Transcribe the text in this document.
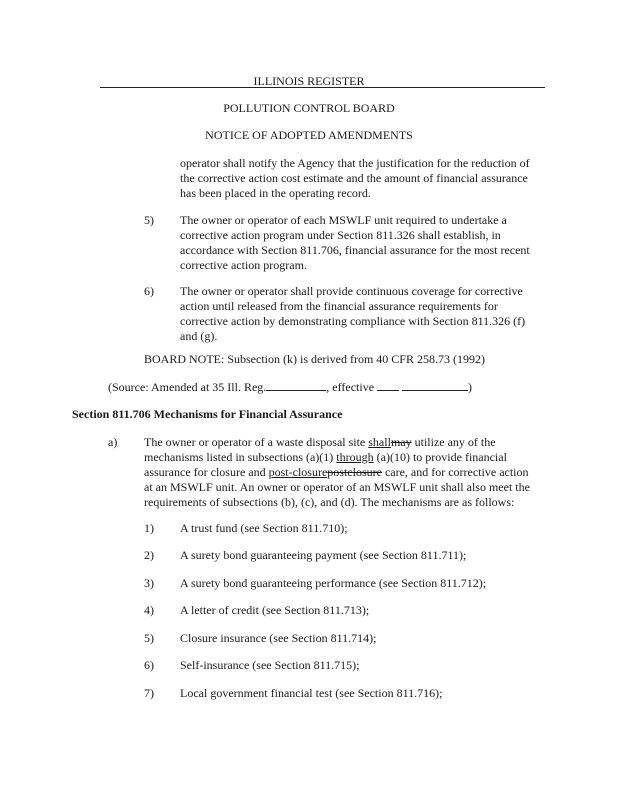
.........	ILLINOIS REGISTER
POLLUTION CONTROL BOARD
NOTICE OF ADOPTED AMENDMENTS
operator shall notify the Agency that the justification for the reduction of
the corrective action cost estimate and the amount of financial assurance
has been placed in the operating record.
5) The owner or operator of each MSWLF unit required to undertake a
corrective action program under Section 811.326 shall establish, in
accordance with Section 811.706, financial assurance for the most recent
corrective action program.
6) The owner or operator shall provide continuous coverage for corrective
action until released from the financial assurance requirements for
corrective action by demonstrating compliance with Section 811.326 (f)
and (g).
BOARD NOTE: Subsection (k) is derived from 40 CFR 258.73 (1992)
(Source: Amended at 35 Ill. Reg.	, effective	)
Section 811.706 Mechanisms for Financial Assurance
a) The owner or operator of a waste disposal site shallmay utilize any of the
mechanisms listed in subsections (a)(1) through (a)(10) to provide financial
assurance for closure and post-closurepostclosure care, and for corrective action
at an MSWLF unit. An owner or operator of an MSWLF unit shall also meet the
requirements of subsections (b), (c), and (d). The mechanisms are as follows:
1) A trust fund (see Section 811.710);
2) A surety bond guaranteeing payment (see Section 811.711);
3) A surety bond guaranteeing performance (see Section 811.712);
4) A letter of credit (see Section 811.713);
5) Closure insurance (see Section 811.714);
6) Self-insurance (see Section 811.715);
7) Local government financial test (see Section 811.716);
